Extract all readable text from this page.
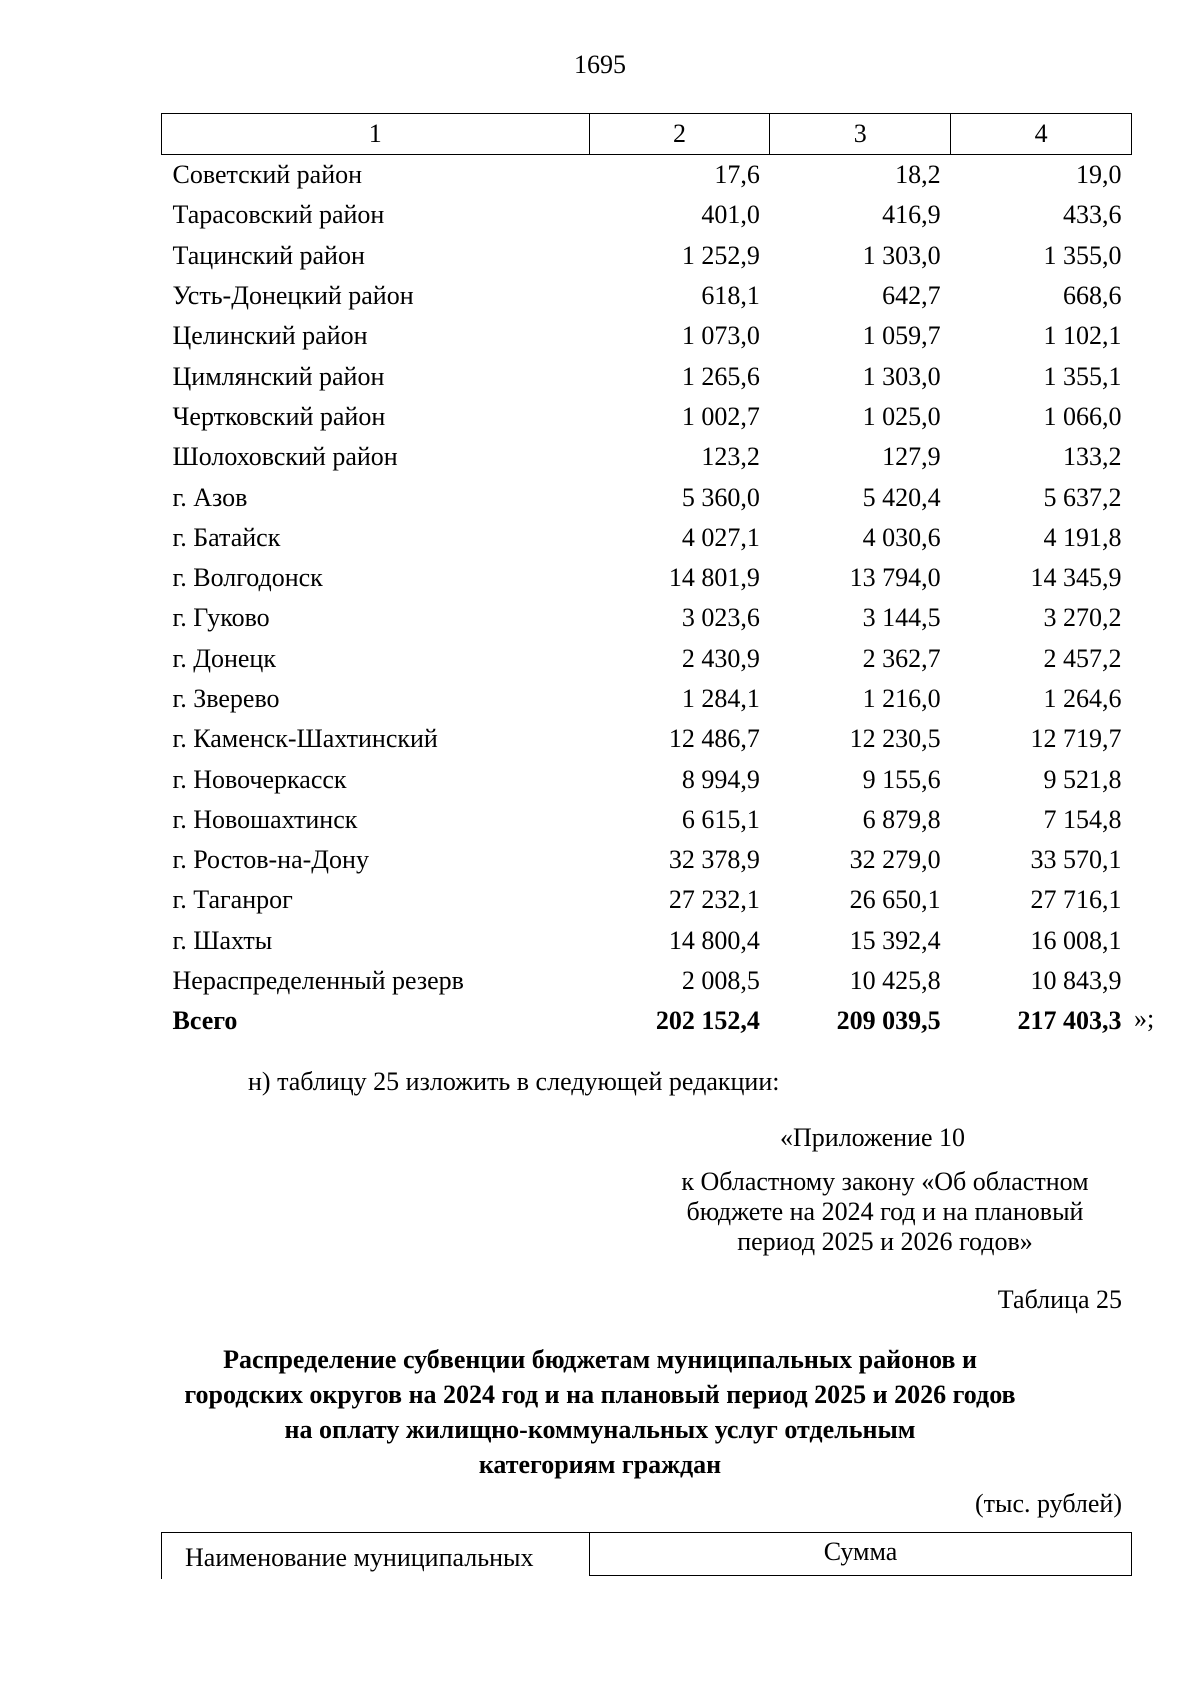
1695
1	2	3	4
Советский район	17,6	18,2	19,0
Тарасовский район	401,0	416,9	433,6
Тацинский район	1 252,9	1 303,0	1 355,0
Усть-Донецкий район	618,1	642,7	668,6
Целинский район	1 073,0	1 059,7	1 102,1
Цимлянский район	1 265,6	1 303,0	1 355,1
Чертковский район	1 002,7	1 025,0	1 066,0
Шолоховский район	123,2	127,9	133,2
г. Азов	5 360,0	5 420,4	5 637,2
г. Батайск	4 027,1	4 030,6	4 191,8
г. Волгодонск	14 801,9	13 794,0	14 345,9
г. Гуково	3 023,6	3 144,5	3 270,2
г. Донецк	2 430,9	2 362,7	2 457,2
г. Зверево	1 284,1	1 216,0	1 264,6
г. Каменск-Шахтинский	12 486,7	12 230,5	12 719,7
г. Новочеркасск	8 994,9	9 155,6	9 521,8
г. Новошахтинск	6 615,1	6 879,8	7 154,8
г. Ростов-на-Дону	32 378,9	32 279,0	33 570,1
г. Таганрог	27 232,1	26 650,1	27 716,1
г. Шахты	14 800,4	15 392,4	16 008,1
Нераспределенный резерв	2 008,5	10 425,8	10 843,9
Всего	202 152,4	209 039,5	217 403,3 »;
н) таблицу 25 изложить в следующей редакции:
«Приложение 10
к Областному закону «Об областном
бюджете на 2024 год и на плановый
период 2025 и 2026 годов»
Таблица 25
Распределение субвенции бюджетам муниципальных районов и
городских округов на 2024 год и на плановый период 2025 и 2026 годов
на оплату жилищно-коммунальных услуг отдельным
категориям граждан
(тыс. рублей)
Наименование муниципальных	Сумма
